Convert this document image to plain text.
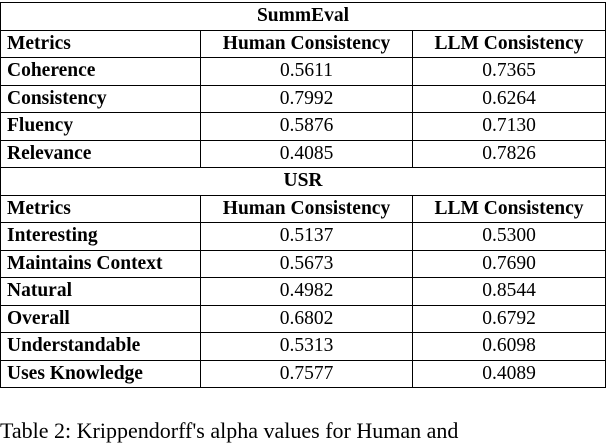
SummEval		
Metrics	Human Consistency	LLM Consistency
Coherence	0.5611	0.7365
Consistency	0.7992	0.6264
Fluency	0.5876	0.7130
Relevance	0.4085	0.7826
USR		
Metrics	Human Consistency	LLM Consistency
Interesting	0.5137	0.5300
Maintains Context	0.5673	0.7690
Natural	0.4982	0.8544
Overall	0.6802	0.6792
Understandable	0.5313	0.6098
Uses Knowledge	0.7577	0.4089
Table 2: Krippendorff's alpha values for Human and
